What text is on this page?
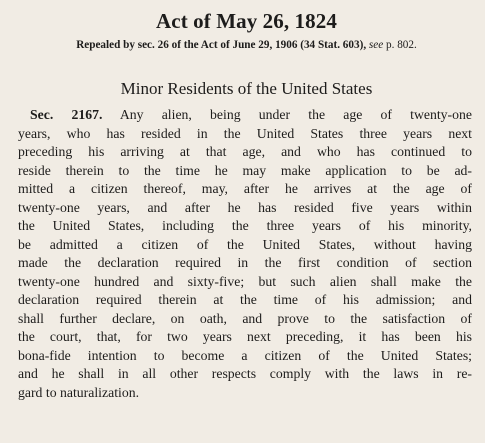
Act of May 26, 1824

Repealed by sec. 26 of the Act of June 29, 1906 (34 Stat. 603), see p. 802.

Minor Residents of the United States
Sec. 2167. Any alien, being under the age of twenty-one
years, who has resided in the United States three years next
preceding his arriving at that age, and who has continued to
reside therein to the time he may make application to be ad-
mitted a citizen thereof, may, after he arrives at the age of
twenty-one years, and after he has resided five years within
the United States, including the three years of his minority,
be admitted a citizen of the United States, without having
made the declaration required in the first condition of section
twenty-one hundred and sixty-five; but such alien shall make the
declaration required therein at the time of his admission; and
shall further declare, on oath, and prove to the satisfaction of
the court, that, for two years next preceding, it has been his
bona-fide intention to become a citizen of the United States;
and he shall in all other respects comply with the laws in re-
gard to naturalization.
